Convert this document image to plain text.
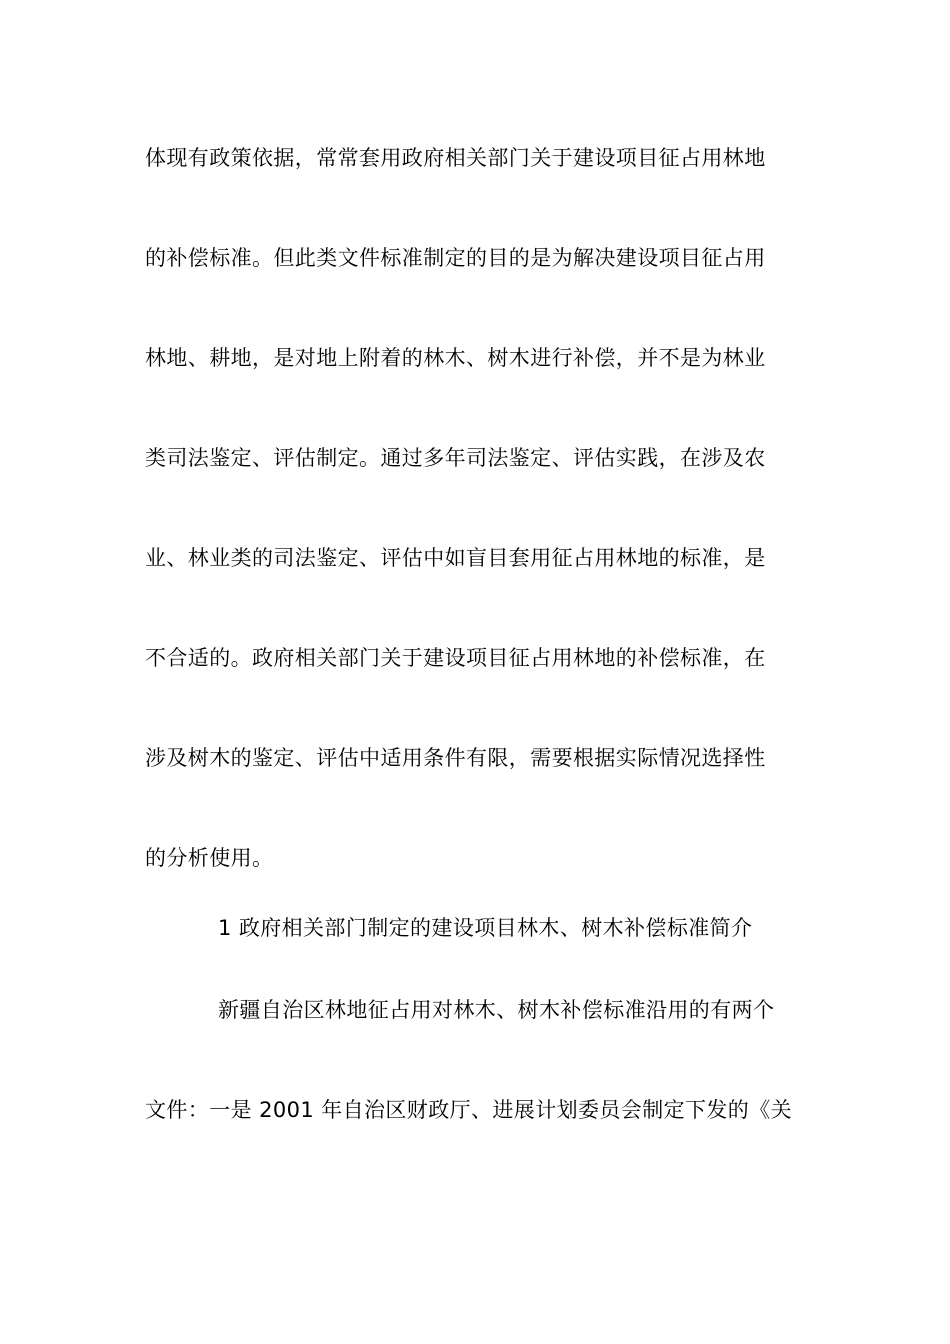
体现有政策依据，常常套用政府相关部门关于建设项目征占用林地
的补偿标准。但此类文件标准制定的目的是为解决建设项目征占用
林地、耕地，是对地上附着的林木、树木进行补偿，并不是为林业
类司法鉴定、评估制定。通过多年司法鉴定、评估实践，在涉及农
业、林业类的司法鉴定、评估中如盲目套用征占用林地的标准，是
不合适的。政府相关部门关于建设项目征占用林地的补偿标准，在
涉及树木的鉴定、评估中适用条件有限，需要根据实际情况选择性
的分析使用。
1 政府相关部门制定的建设项目林木、树木补偿标准简介
新疆自治区林地征占用对林木、树木补偿标准沿用的有两个
文件：一是 2001 年自治区财政厅、进展计划委员会制定下发的《关
